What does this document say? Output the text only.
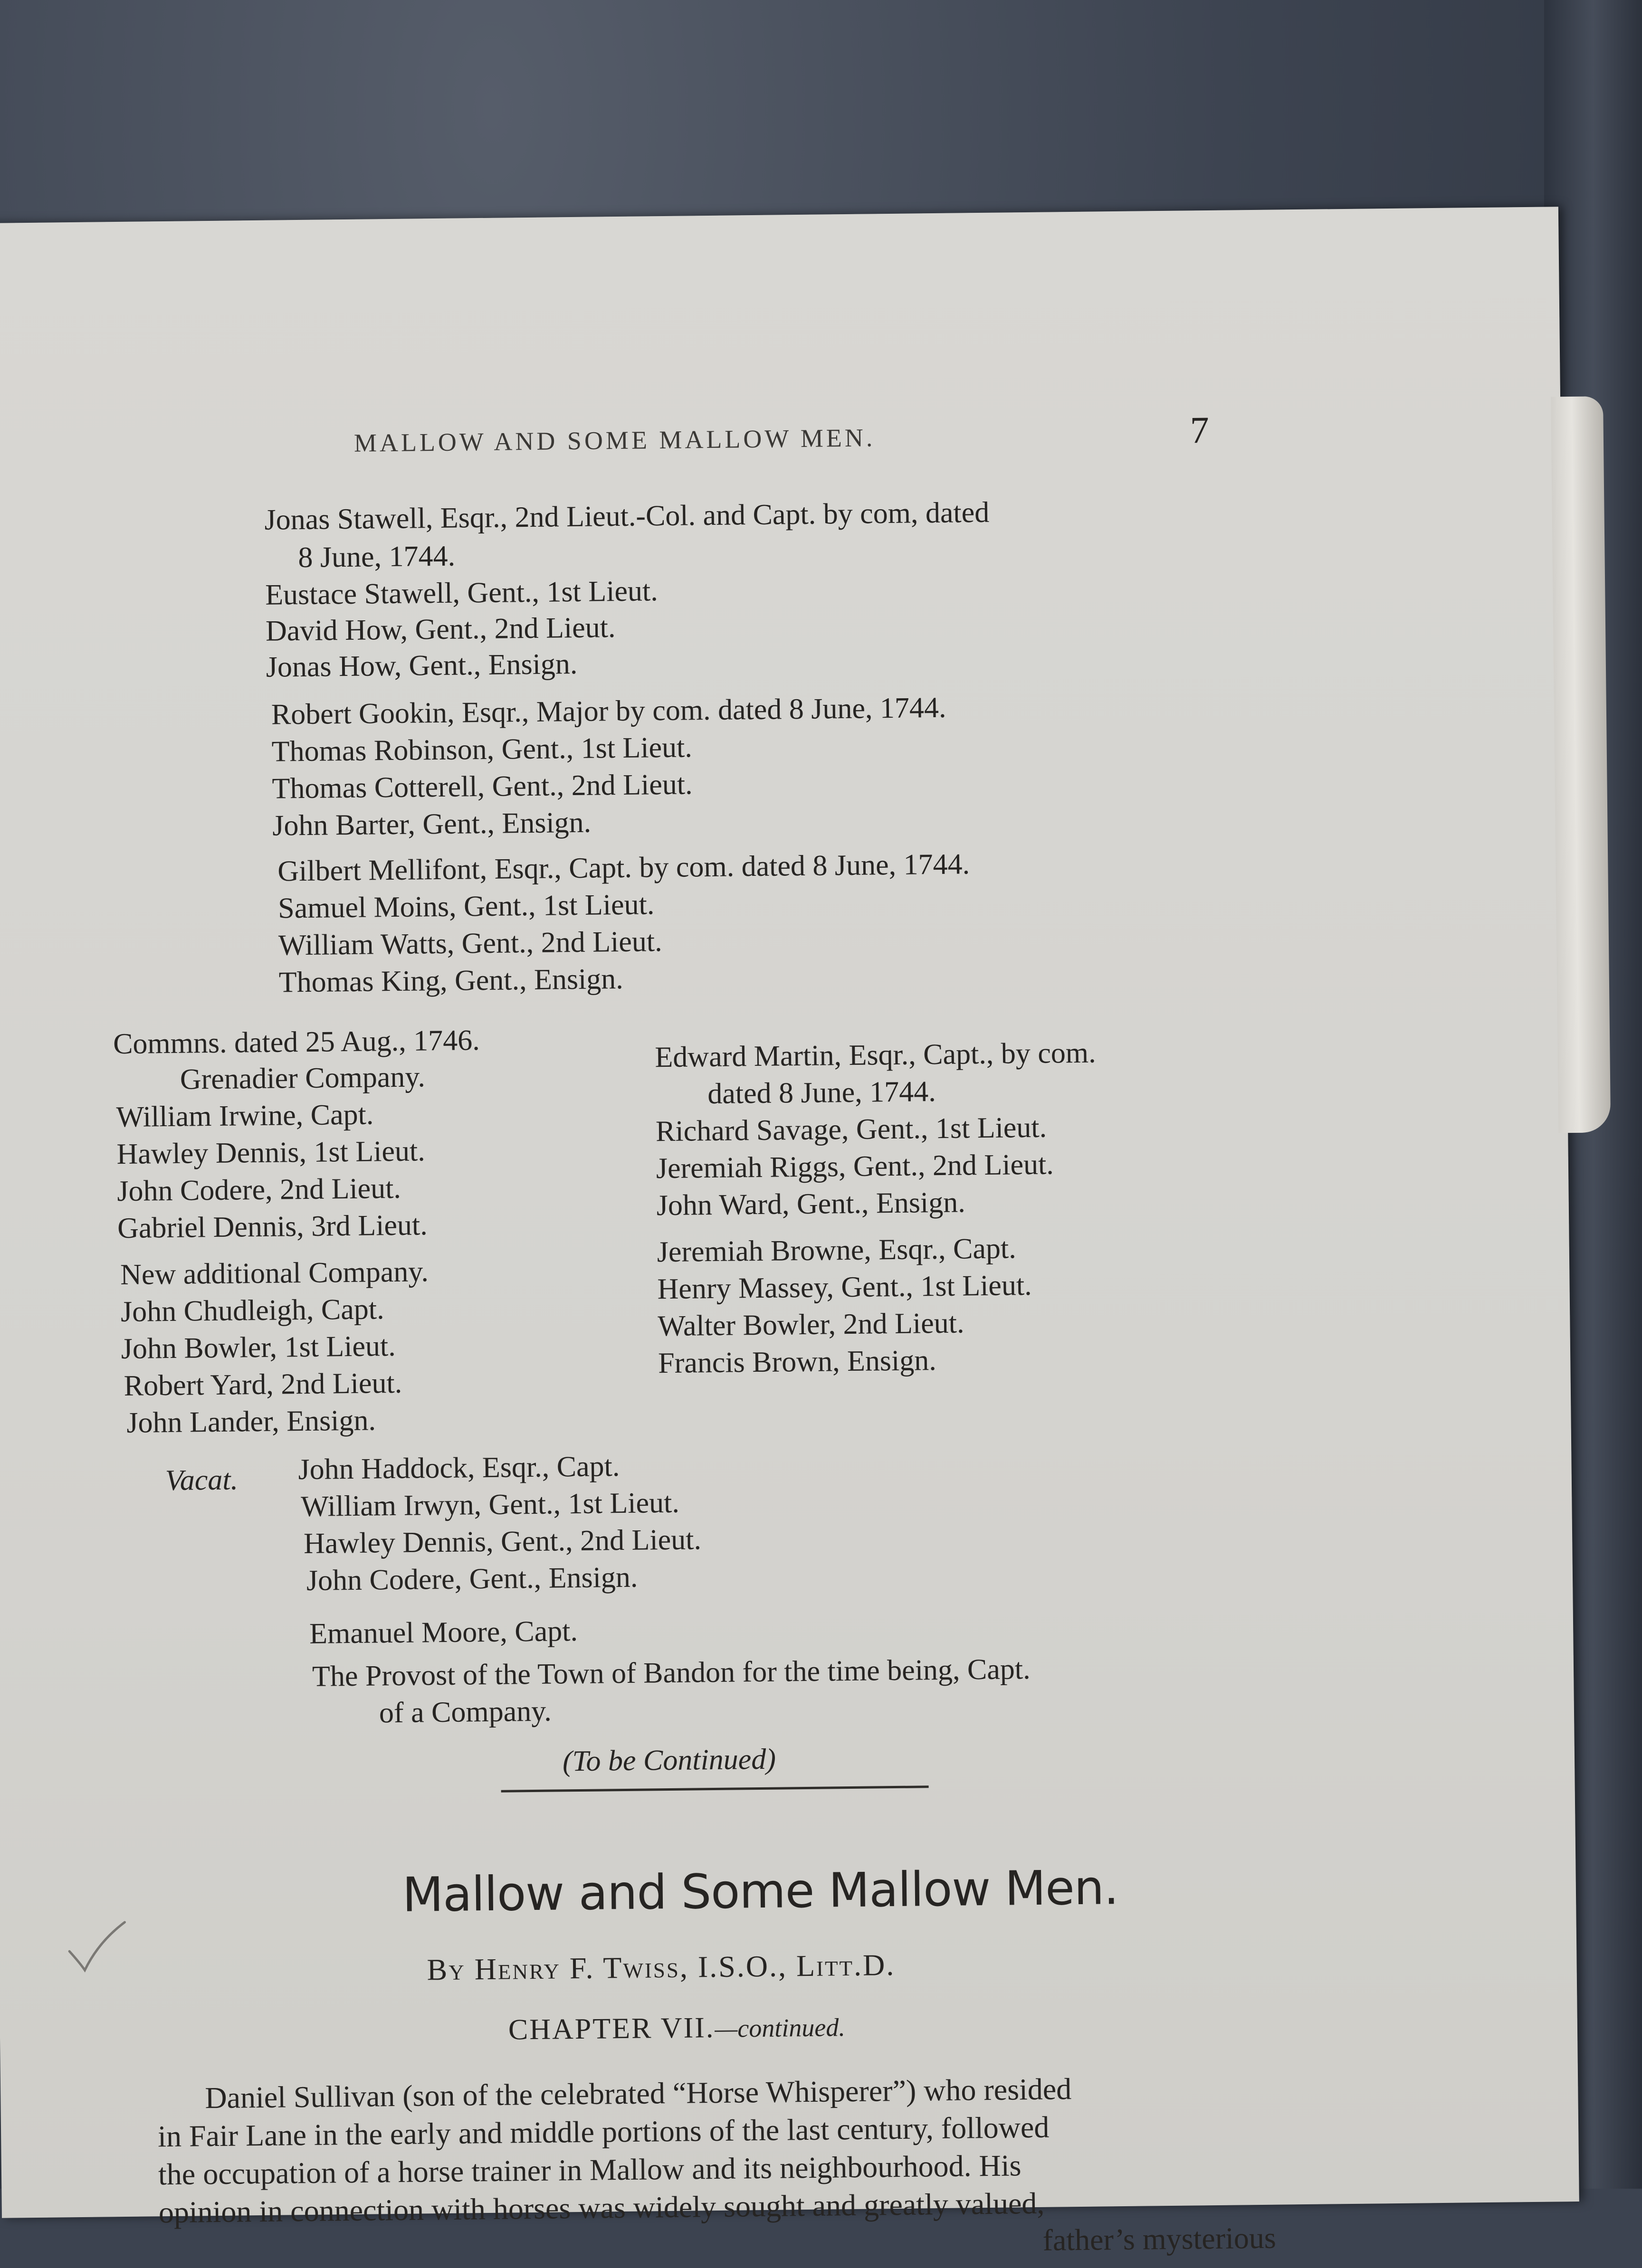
MALLOW AND SOME MALLOW MEN.	7
Jonas Stawell, Esqr., 2nd Lieut.-Col. and Capt. by com, dated
8 June, 1744.
Eustace Stawell, Gent., 1st Lieut.
David How, Gent., 2nd Lieut.
Jonas How, Gent., Ensign.
Robert Gookin, Esqr., Major by com. dated 8 June, 1744.
Thomas Robinson, Gent., 1st Lieut.
Thomas Cotterell, Gent., 2nd Lieut.
John Barter, Gent., Ensign.
Gilbert Mellifont, Esqr., Capt. by com. dated 8 June, 1744.
Samuel Moins, Gent., 1st Lieut.
William Watts, Gent., 2nd Lieut.
Thomas King, Gent., Ensign.
Commns. dated 25 Aug., 1746.
Grenadier Company.
William Irwine, Capt.
Hawley Dennis, 1st Lieut.
John Codere, 2nd Lieut.
Gabriel Dennis, 3rd Lieut.
New additional Company.
John Chudleigh, Capt.
John Bowler, 1st Lieut.
Robert Yard, 2nd Lieut.
John Lander, Ensign.
Edward Martin, Esqr., Capt., by com.
dated 8 June, 1744.
Richard Savage, Gent., 1st Lieut.
Jeremiah Riggs, Gent., 2nd Lieut.
John Ward, Gent., Ensign.
Jeremiah Browne, Esqr., Capt.
Henry Massey, Gent., 1st Lieut.
Walter Bowler, 2nd Lieut.
Francis Brown, Ensign.
Vacat. John Haddock, Esqr., Capt.
William Irwyn, Gent., 1st Lieut.
Hawley Dennis, Gent., 2nd Lieut.
John Codere, Gent., Ensign.
Emanuel Moore, Capt.
The Provost of the Town of Bandon for the time being, Capt.
of a Company.
(To be Continued)
Mallow and Some Mallow Men.
By Henry F. Twiss, I.S.O., Litt.D.
CHAPTER VII.—continued.
Daniel Sullivan (son of the celebrated “Horse Whisperer”) who resided
in Fair Lane in the early and middle portions of the last century, followed
the occupation of a horse trainer in Mallow and its neighbourhood. His
opinion in connection with horses was widely sought and greatly valued,
father’s mysterious
